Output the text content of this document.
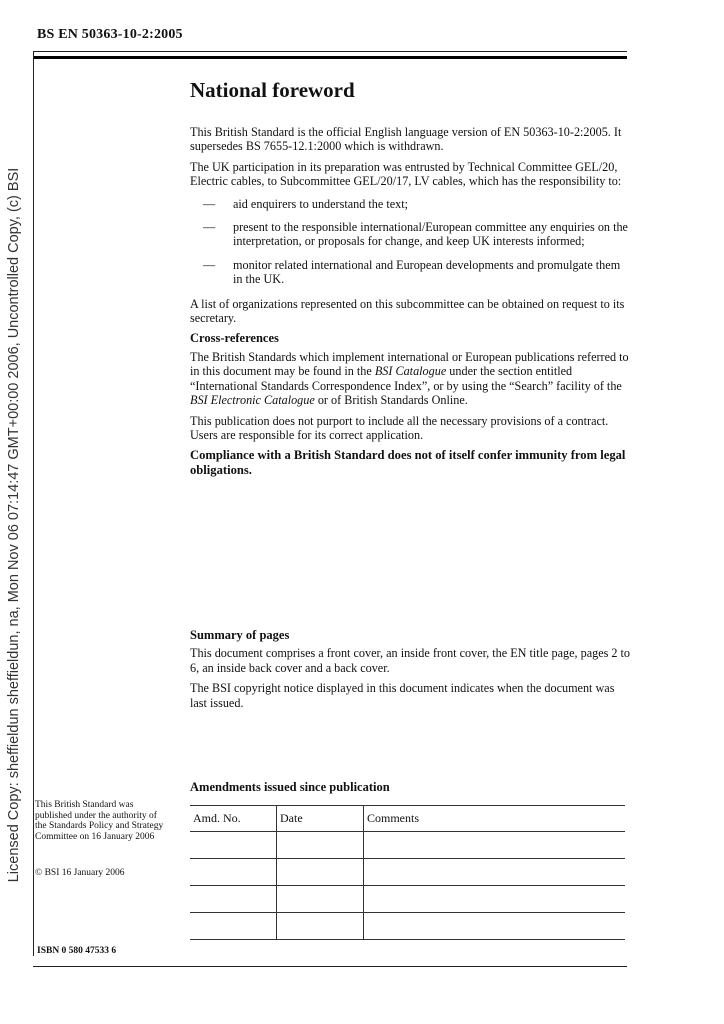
BS EN 50363-10-2:2005
Licensed Copy: sheffieldun sheffieldun, na, Mon Nov 06 07:14:47 GMT+00:00 2006, Uncontrolled Copy, (c) BSI
National foreword

This British Standard is the official English language version of EN 50363-10-2:2005. It supersedes BS 7655-12.1:2000 which is withdrawn.

The UK participation in its preparation was entrusted by Technical Committee GEL/20, Electric cables, to Subcommittee GEL/20/17, LV cables, which has the responsibility to:

— aid enquirers to understand the text;
— present to the responsible international/European committee any enquiries on the interpretation, or proposals for change, and keep UK interests informed;
— monitor related international and European developments and promulgate them in the UK.

A list of organizations represented on this subcommittee can be obtained on request to its secretary.

Cross-references

The British Standards which implement international or European publications referred to in this document may be found in the BSI Catalogue under the section entitled “International Standards Correspondence Index”, or by using the “Search” facility of the BSI Electronic Catalogue or of British Standards Online.

This publication does not purport to include all the necessary provisions of a contract. Users are responsible for its correct application.

Compliance with a British Standard does not of itself confer immunity from legal obligations.

Summary of pages

This document comprises a front cover, an inside front cover, the EN title page, pages 2 to 6, an inside back cover and a back cover.

The BSI copyright notice displayed in this document indicates when the document was last issued.

This British Standard was published under the authority of the Standards Policy and Strategy Committee on 16 January 2006
© BSI 16 January 2006
Amendments issued since publication
Amd. No.	Date	Comments

ISBN 0 580 47533 6
